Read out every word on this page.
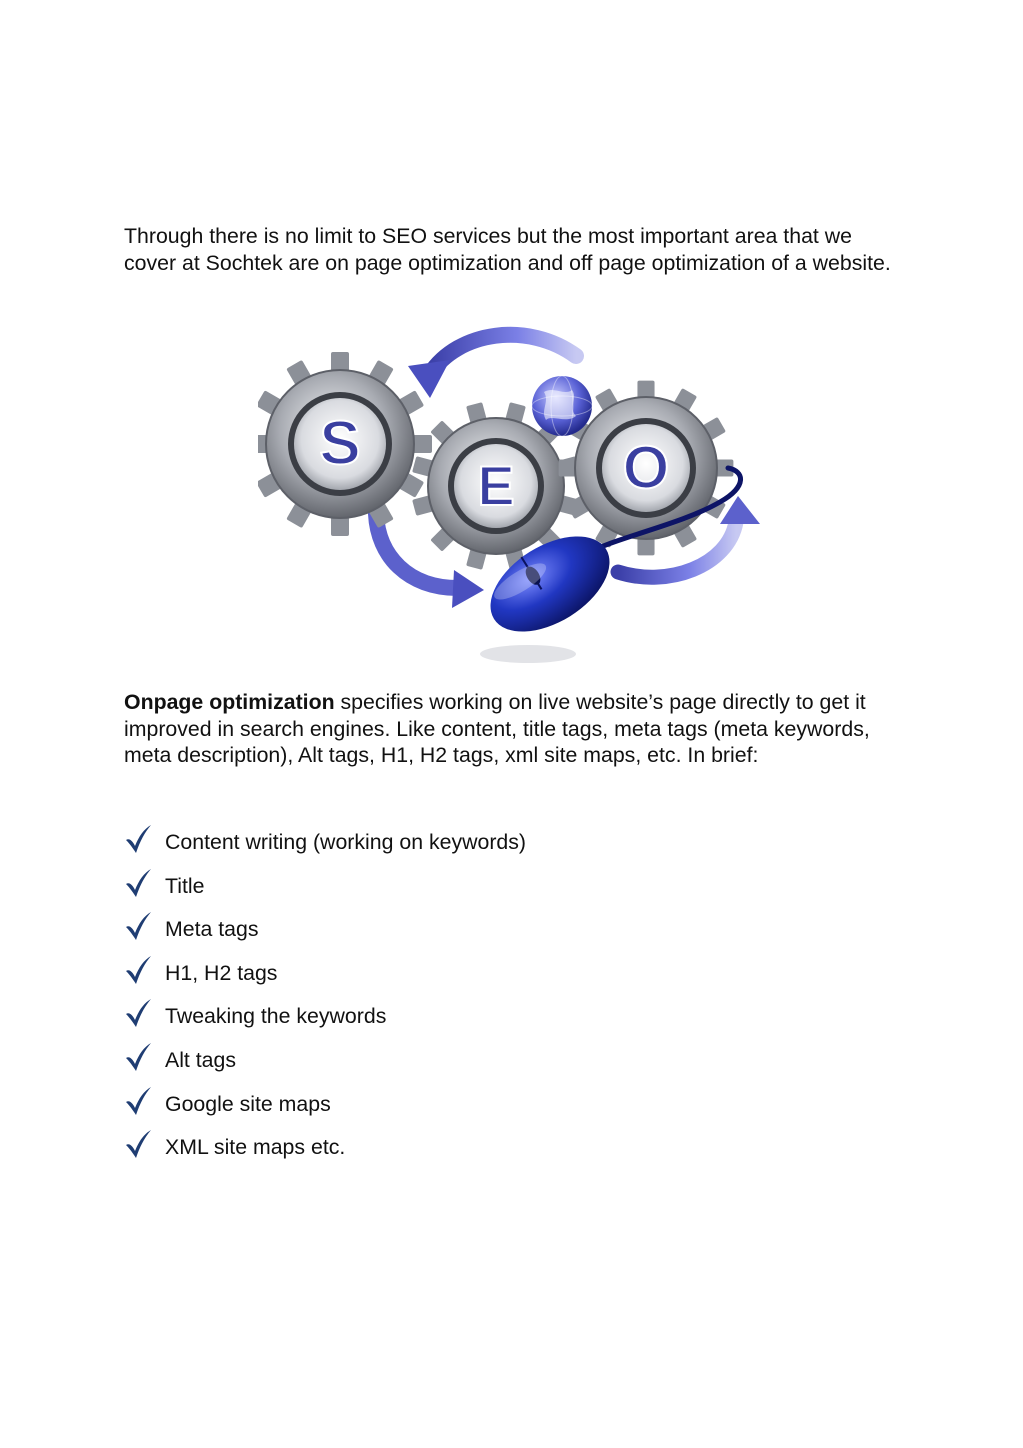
Through there is no limit to SEO services but the most important area that we cover at Sochtek are on page optimization and off page optimization of a website.

S
E O

Onpage optimization specifies working on live website’s page directly to get it improved in search engines. Like content, title tags, meta tags (meta keywords, meta description), Alt tags, H1, H2 tags, xml site maps, etc. In brief:

Content writing (working on keywords)
Title
Meta tags
H1, H2 tags
Tweaking the keywords
Alt tags
Google site maps
XML site maps etc.
